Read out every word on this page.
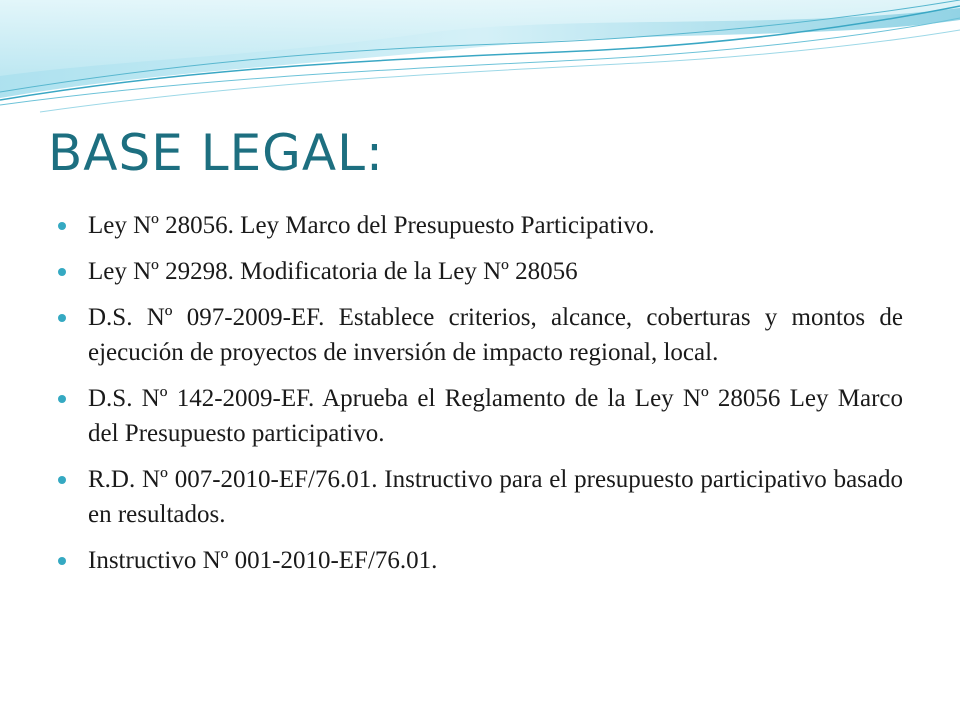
BASE LEGAL:
Ley Nº 28056. Ley Marco del Presupuesto Participativo.
Ley Nº 29298. Modificatoria de la Ley Nº 28056
D.S. Nº 097-2009-EF. Establece criterios, alcance, coberturas y montos de ejecución de proyectos de inversión de impacto regional, local.
D.S. Nº 142-2009-EF. Aprueba el Reglamento de la Ley Nº 28056 Ley Marco del Presupuesto participativo.
R.D. Nº 007-2010-EF/76.01. Instructivo para el presupuesto participativo basado en resultados.
Instructivo Nº 001-2010-EF/76.01.
